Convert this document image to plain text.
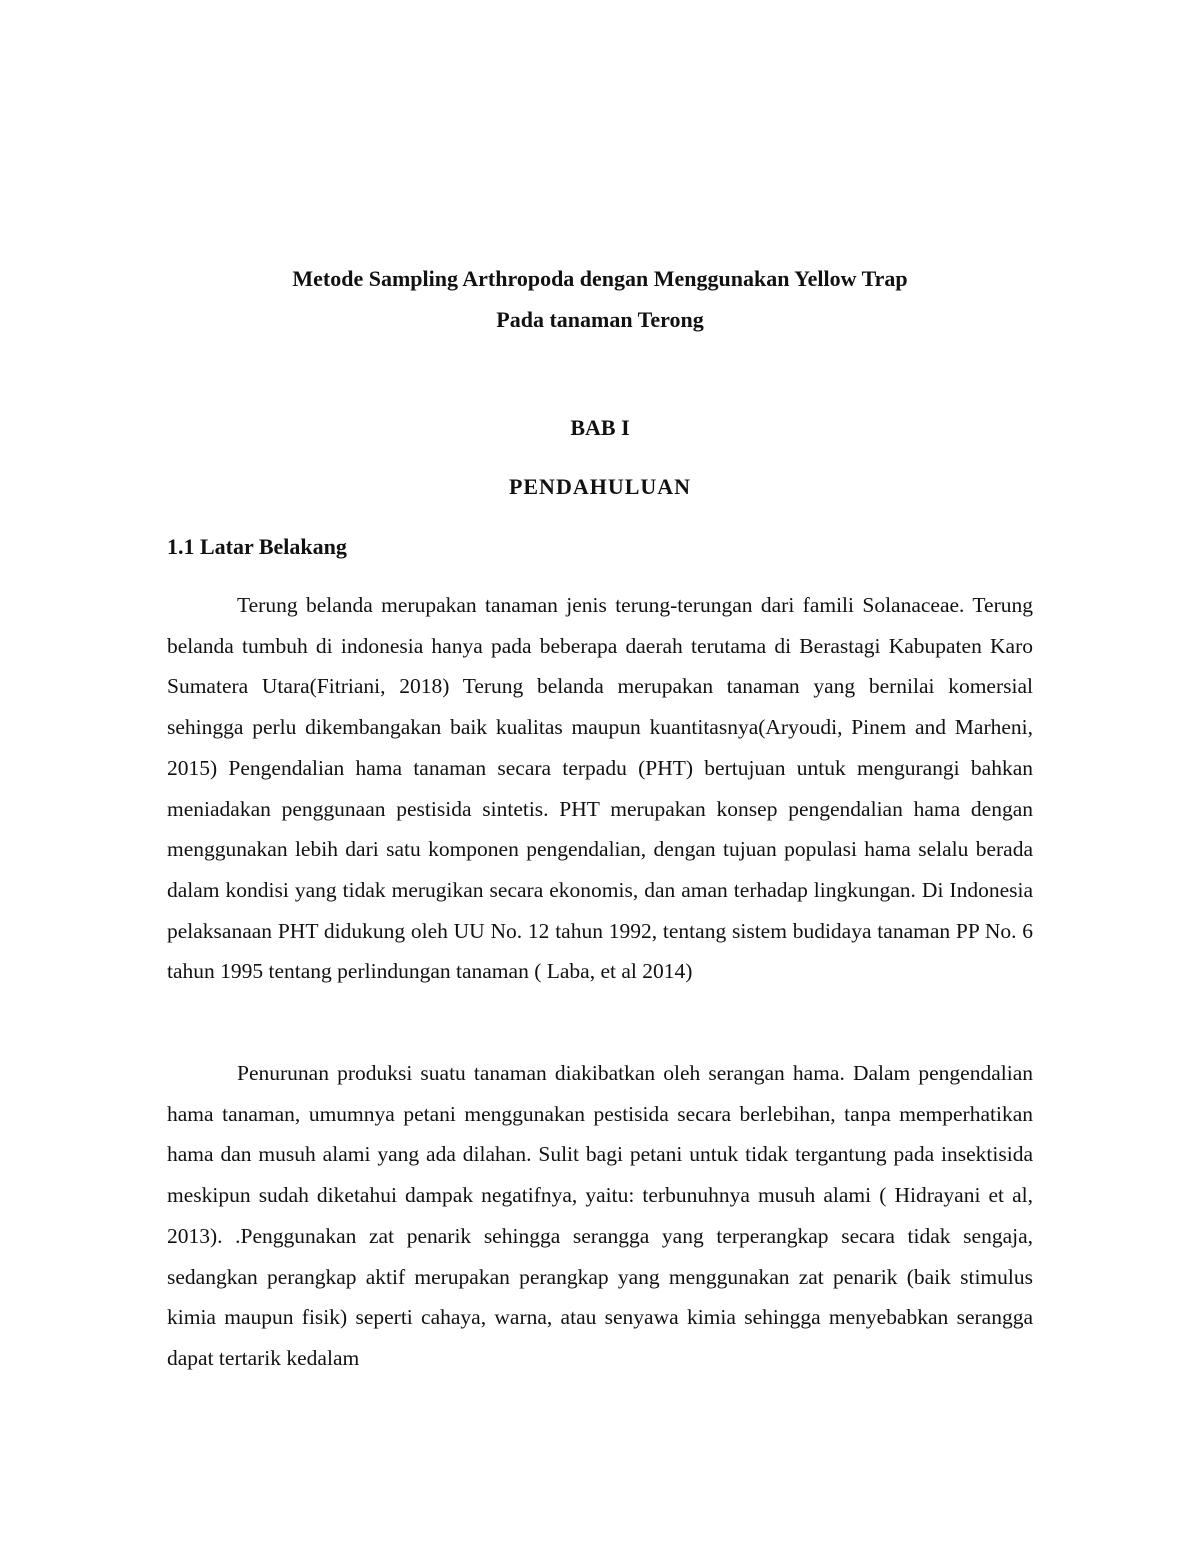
Metode Sampling Arthropoda dengan Menggunakan Yellow Trap
Pada tanaman Terong
BAB I
PENDAHULUAN
1.1 Latar Belakang

Terung belanda merupakan tanaman jenis terung-terungan dari famili Solanaceae. Terung belanda tumbuh di indonesia hanya pada beberapa daerah terutama di Berastagi Kabupaten Karo Sumatera Utara(Fitriani, 2018) Terung belanda merupakan tanaman yang bernilai komersial sehingga perlu dikembangakan baik kualitas maupun kuantitasnya(Aryoudi, Pinem and Marheni, 2015) Pengendalian hama tanaman secara terpadu (PHT) bertujuan untuk mengurangi bahkan meniadakan penggunaan pestisida sintetis. PHT merupakan konsep pengendalian hama dengan menggunakan lebih dari satu komponen pengendalian, dengan tujuan populasi hama selalu berada dalam kondisi yang tidak merugikan secara ekonomis, dan aman terhadap lingkungan. Di Indonesia pelaksanaan PHT didukung oleh UU No. 12 tahun 1992, tentang sistem budidaya tanaman PP No. 6 tahun 1995 tentang perlindungan tanaman ( Laba, et al 2014)

Penurunan produksi suatu tanaman diakibatkan oleh serangan hama. Dalam pengendalian hama tanaman, umumnya petani menggunakan pestisida secara berlebihan, tanpa memperhatikan hama dan musuh alami yang ada dilahan. Sulit bagi petani untuk tidak tergantung pada insektisida meskipun sudah diketahui dampak negatifnya, yaitu: terbunuhnya musuh alami ( Hidrayani et al, 2013). .Penggunakan zat penarik sehingga serangga yang terperangkap secara tidak sengaja, sedangkan perangkap aktif merupakan perangkap yang menggunakan zat penarik (baik stimulus kimia maupun fisik) seperti cahaya, warna, atau senyawa kimia sehingga menyebabkan serangga dapat tertarik kedalam
